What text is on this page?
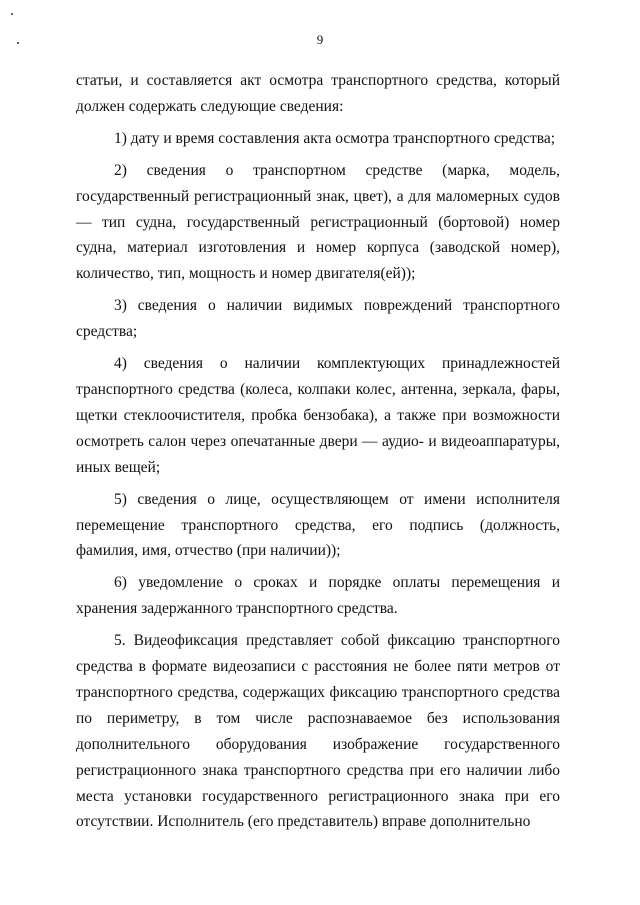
9

статьи, и составляется акт осмотра транспортного средства, который должен содержать следующие сведения:

1) дату и время составления акта осмотра транспортного средства;

2) сведения о транспортном средстве (марка, модель, государственный регистрационный знак, цвет), а для маломерных судов — тип судна, государственный регистрационный (бортовой) номер судна, материал изготовления и номер корпуса (заводской номер), количество, тип, мощность и номер двигателя(ей));

3) сведения о наличии видимых повреждений транспортного средства;

4) сведения о наличии комплектующих принадлежностей транспортного средства (колеса, колпаки колес, антенна, зеркала, фары, щетки стеклоочистителя, пробка бензобака), а также при возможности осмотреть салон через опечатанные двери — аудио- и видеоаппаратуры, иных вещей;

5) сведения о лице, осуществляющем от имени исполнителя перемещение транспортного средства, его подпись (должность, фамилия, имя, отчество (при наличии));

6) уведомление о сроках и порядке оплаты перемещения и хранения задержанного транспортного средства.

5. Видеофиксация представляет собой фиксацию транспортного средства в формате видеозаписи с расстояния не более пяти метров от транспортного средства, содержащих фиксацию транспортного средства по периметру, в том числе распознаваемое без использования дополнительного оборудования изображение государственного регистрационного знака транспортного средства при его наличии либо места установки государственного регистрационного знака при его отсутствии. Исполнитель (его представитель) вправе дополнительно
